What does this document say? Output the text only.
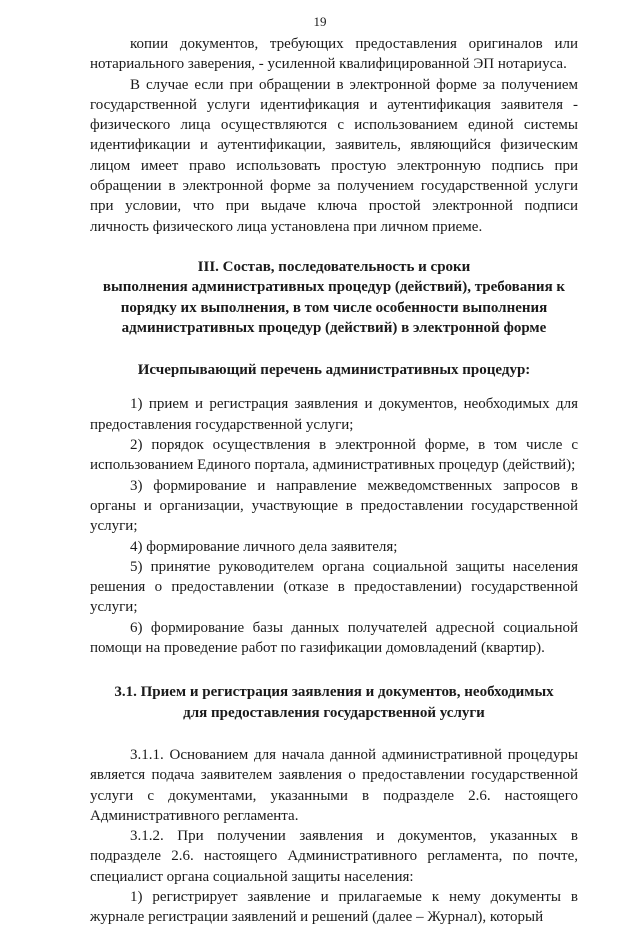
19

копии документов, требующих предоставления оригиналов или нотариального заверения, - усиленной квалифицированной ЭП нотариуса.

В случае если при обращении в электронной форме за получением государственной услуги идентификация и аутентификация заявителя - физического лица осуществляются с использованием единой системы идентификации и аутентификации, заявитель, являющийся физическим лицом имеет право использовать простую электронную подпись при обращении в электронной форме за получением государственной услуги при условии, что при выдаче ключа простой электронной подписи личность физического лица установлена при личном приеме.

III. Состав, последовательность и сроки
выполнения административных процедур (действий), требования к
порядку их выполнения, в том числе особенности выполнения
административных процедур (действий) в электронной форме
Исчерпывающий перечень административных процедур:

1) прием и регистрация заявления и документов, необходимых для предоставления государственной услуги;

2) порядок осуществления в электронной форме, в том числе с использованием Единого портала, административных процедур (действий);

3) формирование и направление межведомственных запросов в органы и организации, участвующие в предоставлении государственной услуги;

4) формирование личного дела заявителя;

5) принятие руководителем органа социальной защиты населения решения о предоставлении (отказе в предоставлении) государственной услуги;

6) формирование базы данных получателей адресной социальной помощи на проведение работ по газификации домовладений (квартир).

3.1. Прием и регистрация заявления и документов, необходимых
для предоставления государственной услуги

3.1.1. Основанием для начала данной административной процедуры является подача заявителем заявления о предоставлении государственной услуги с документами, указанными в подразделе 2.6. настоящего Административного регламента.

3.1.2. При получении заявления и документов, указанных в подразделе 2.6. настоящего Административного регламента, по почте, специалист органа социальной защиты населения:

1) регистрирует заявление и прилагаемые к нему документы в журнале регистрации заявлений и решений (далее – Журнал), который
